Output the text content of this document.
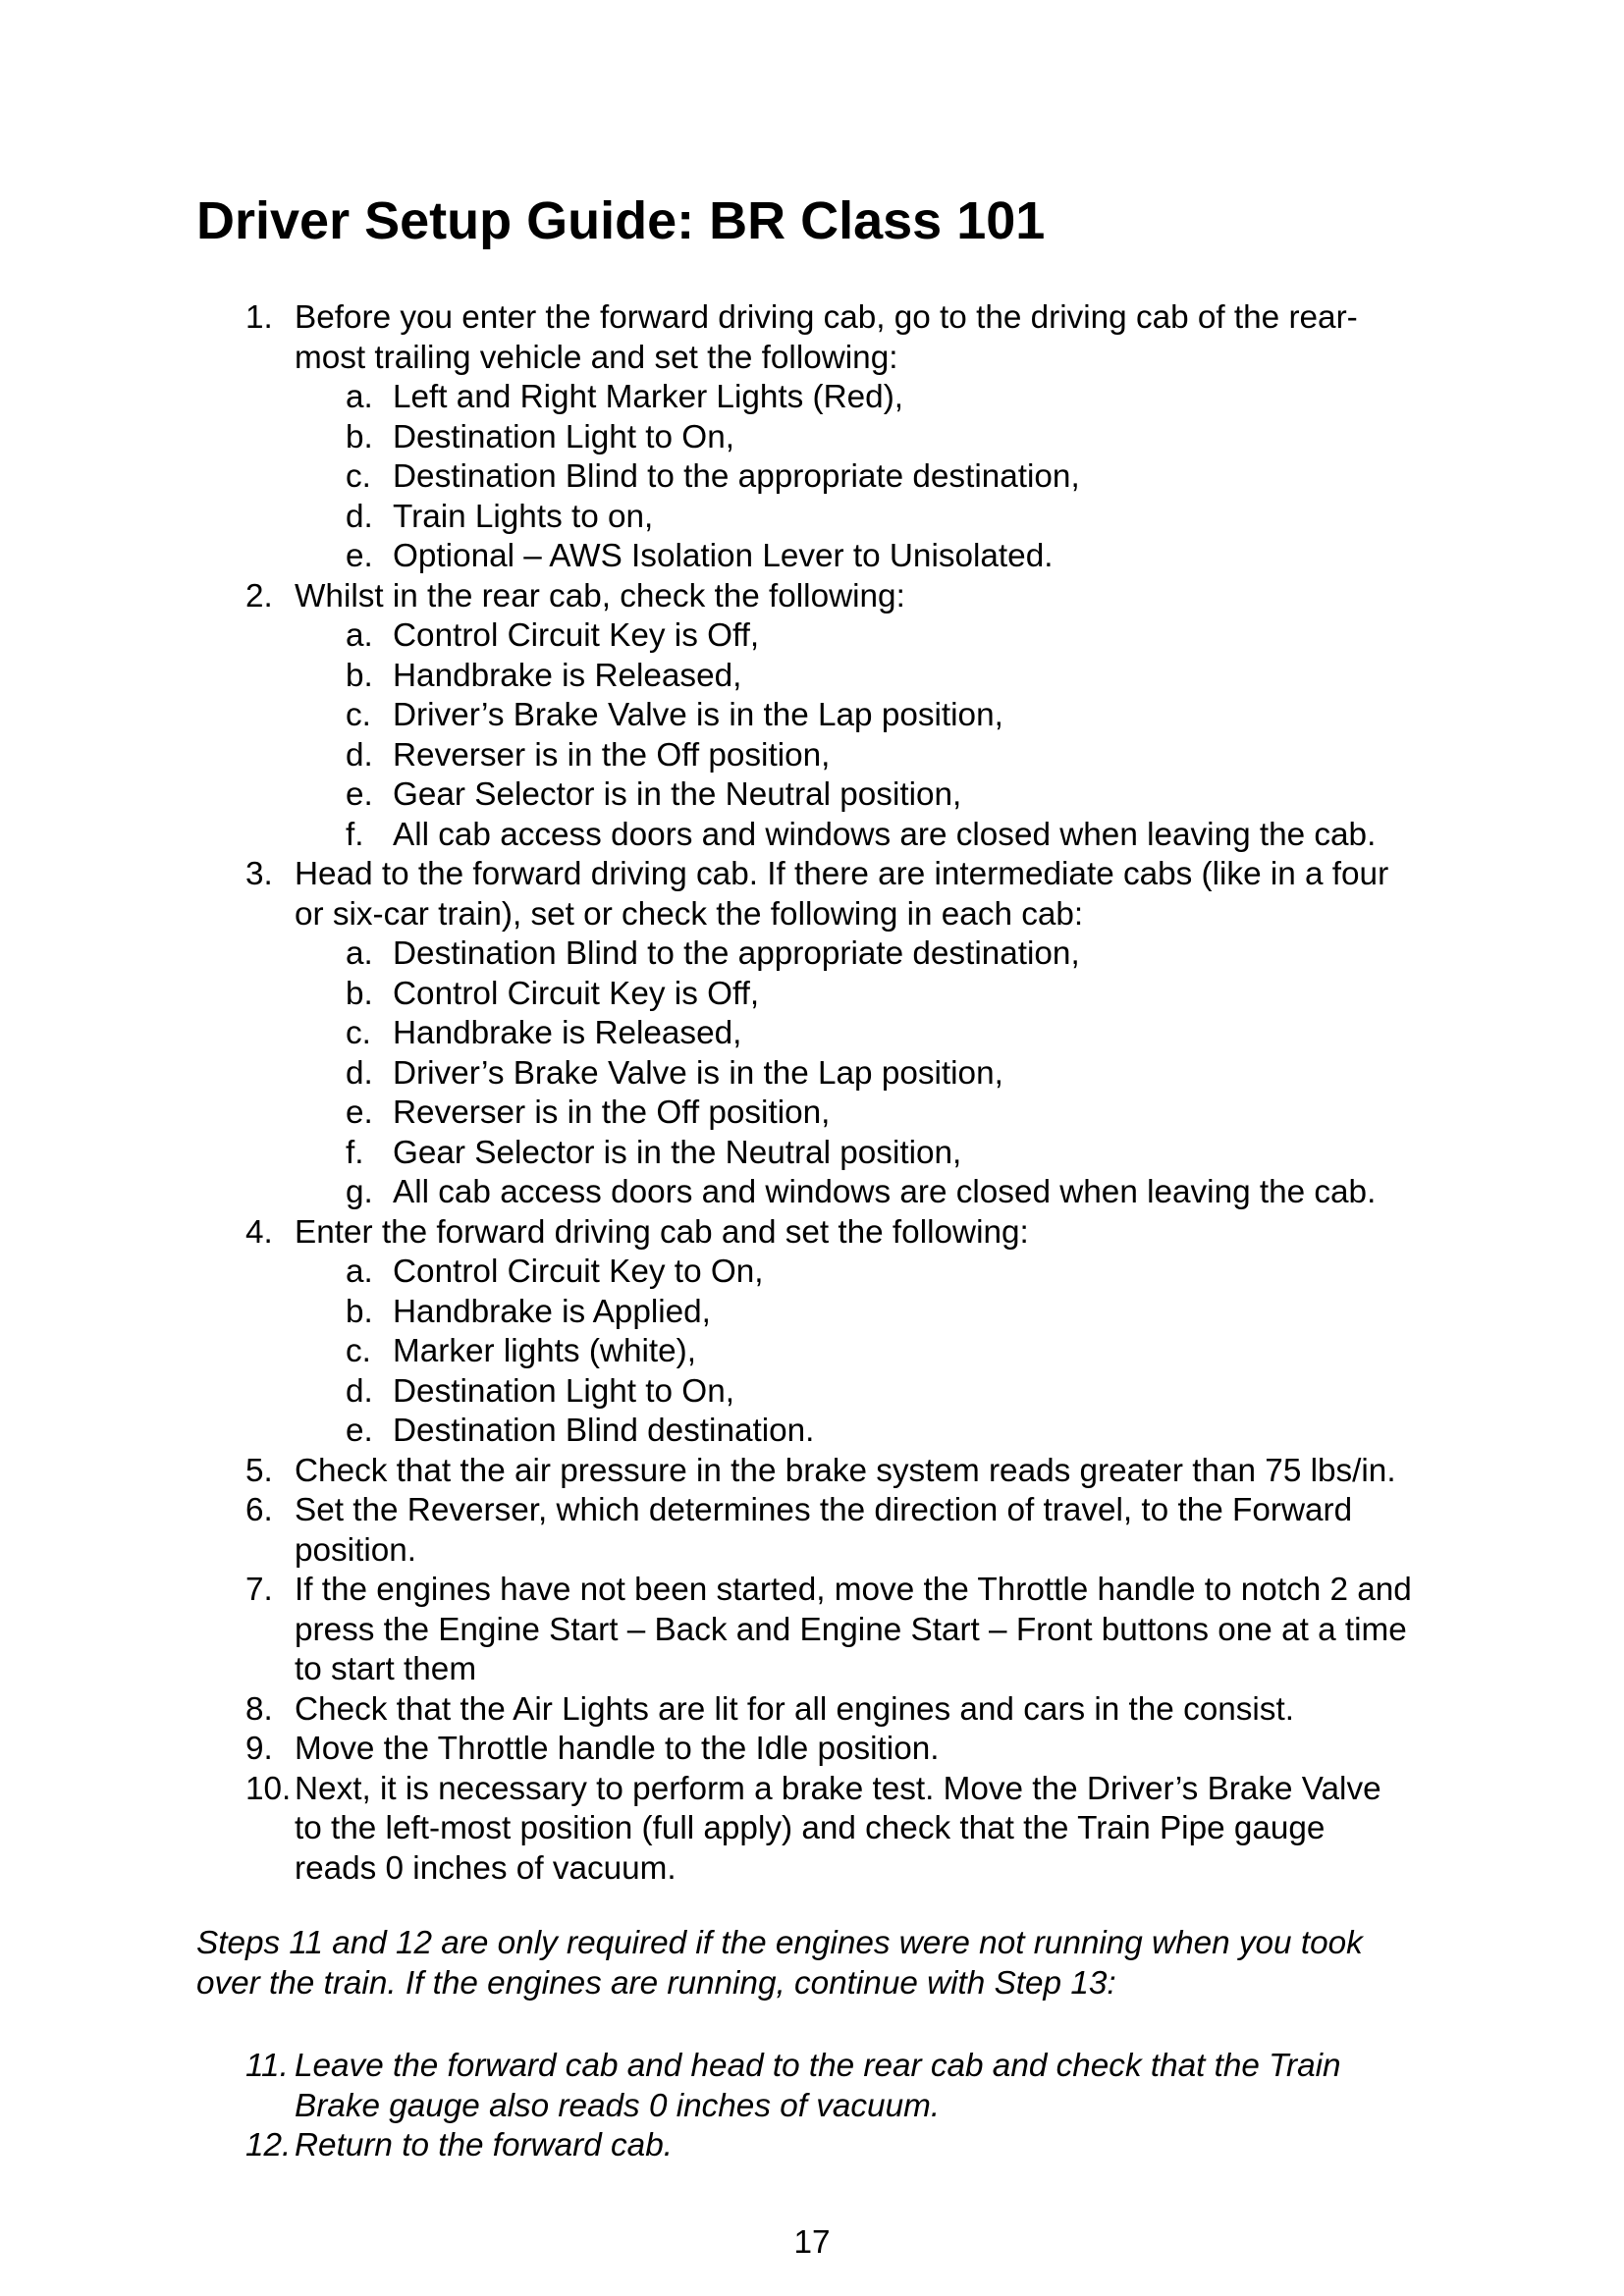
Driver Setup Guide: BR Class 101
1. Before you enter the forward driving cab, go to the driving cab of the rear-most trailing vehicle and set the following:
a. Left and Right Marker Lights (Red),
b. Destination Light to On,
c. Destination Blind to the appropriate destination,
d. Train Lights to on,
e. Optional – AWS Isolation Lever to Unisolated.
2. Whilst in the rear cab, check the following:
a. Control Circuit Key is Off,
b. Handbrake is Released,
c. Driver’s Brake Valve is in the Lap position,
d. Reverser is in the Off position,
e. Gear Selector is in the Neutral position,
f. All cab access doors and windows are closed when leaving the cab.
3. Head to the forward driving cab. If there are intermediate cabs (like in a four or six-car train), set or check the following in each cab:
a. Destination Blind to the appropriate destination,
b. Control Circuit Key is Off,
c. Handbrake is Released,
d. Driver’s Brake Valve is in the Lap position,
e. Reverser is in the Off position,
f. Gear Selector is in the Neutral position,
g. All cab access doors and windows are closed when leaving the cab.
4. Enter the forward driving cab and set the following:
a. Control Circuit Key to On,
b. Handbrake is Applied,
c. Marker lights (white),
d. Destination Light to On,
e. Destination Blind destination.
5. Check that the air pressure in the brake system reads greater than 75 lbs/in.
6. Set the Reverser, which determines the direction of travel, to the Forward position.
7. If the engines have not been started, move the Throttle handle to notch 2 and press the Engine Start – Back and Engine Start – Front buttons one at a time to start them
8. Check that the Air Lights are lit for all engines and cars in the consist.
9. Move the Throttle handle to the Idle position.
10. Next, it is necessary to perform a brake test. Move the Driver’s Brake Valve to the left-most position (full apply) and check that the Train Pipe gauge reads 0 inches of vacuum.
Steps 11 and 12 are only required if the engines were not running when you took over the train. If the engines are running, continue with Step 13:
11. Leave the forward cab and head to the rear cab and check that the Train Brake gauge also reads 0 inches of vacuum.
12. Return to the forward cab.
17
